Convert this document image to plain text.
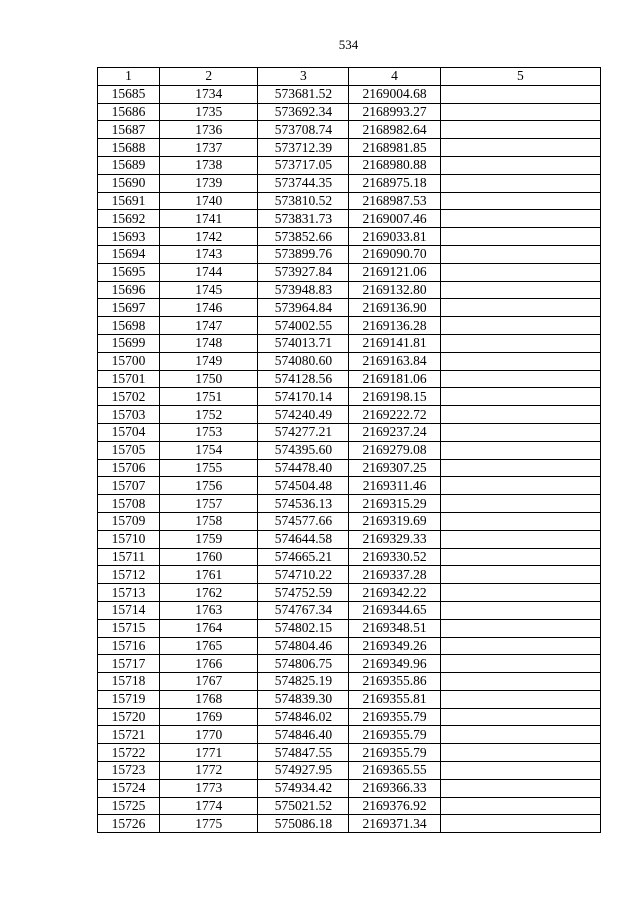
534
1	2	3	4	5
15685	1734	573681.52	2169004.68	
15686	1735	573692.34	2168993.27	
15687	1736	573708.74	2168982.64	
15688	1737	573712.39	2168981.85	
15689	1738	573717.05	2168980.88	
15690	1739	573744.35	2168975.18	
15691	1740	573810.52	2168987.53	
15692	1741	573831.73	2169007.46	
15693	1742	573852.66	2169033.81	
15694	1743	573899.76	2169090.70	
15695	1744	573927.84	2169121.06	
15696	1745	573948.83	2169132.80	
15697	1746	573964.84	2169136.90	
15698	1747	574002.55	2169136.28	
15699	1748	574013.71	2169141.81	
15700	1749	574080.60	2169163.84	
15701	1750	574128.56	2169181.06	
15702	1751	574170.14	2169198.15	
15703	1752	574240.49	2169222.72	
15704	1753	574277.21	2169237.24	
15705	1754	574395.60	2169279.08	
15706	1755	574478.40	2169307.25	
15707	1756	574504.48	2169311.46	
15708	1757	574536.13	2169315.29	
15709	1758	574577.66	2169319.69	
15710	1759	574644.58	2169329.33	
15711	1760	574665.21	2169330.52	
15712	1761	574710.22	2169337.28	
15713	1762	574752.59	2169342.22	
15714	1763	574767.34	2169344.65	
15715	1764	574802.15	2169348.51	
15716	1765	574804.46	2169349.26	
15717	1766	574806.75	2169349.96	
15718	1767	574825.19	2169355.86	
15719	1768	574839.30	2169355.81	
15720	1769	574846.02	2169355.79	
15721	1770	574846.40	2169355.79	
15722	1771	574847.55	2169355.79	
15723	1772	574927.95	2169365.55	
15724	1773	574934.42	2169366.33	
15725	1774	575021.52	2169376.92	
15726	1775	575086.18	2169371.34	
